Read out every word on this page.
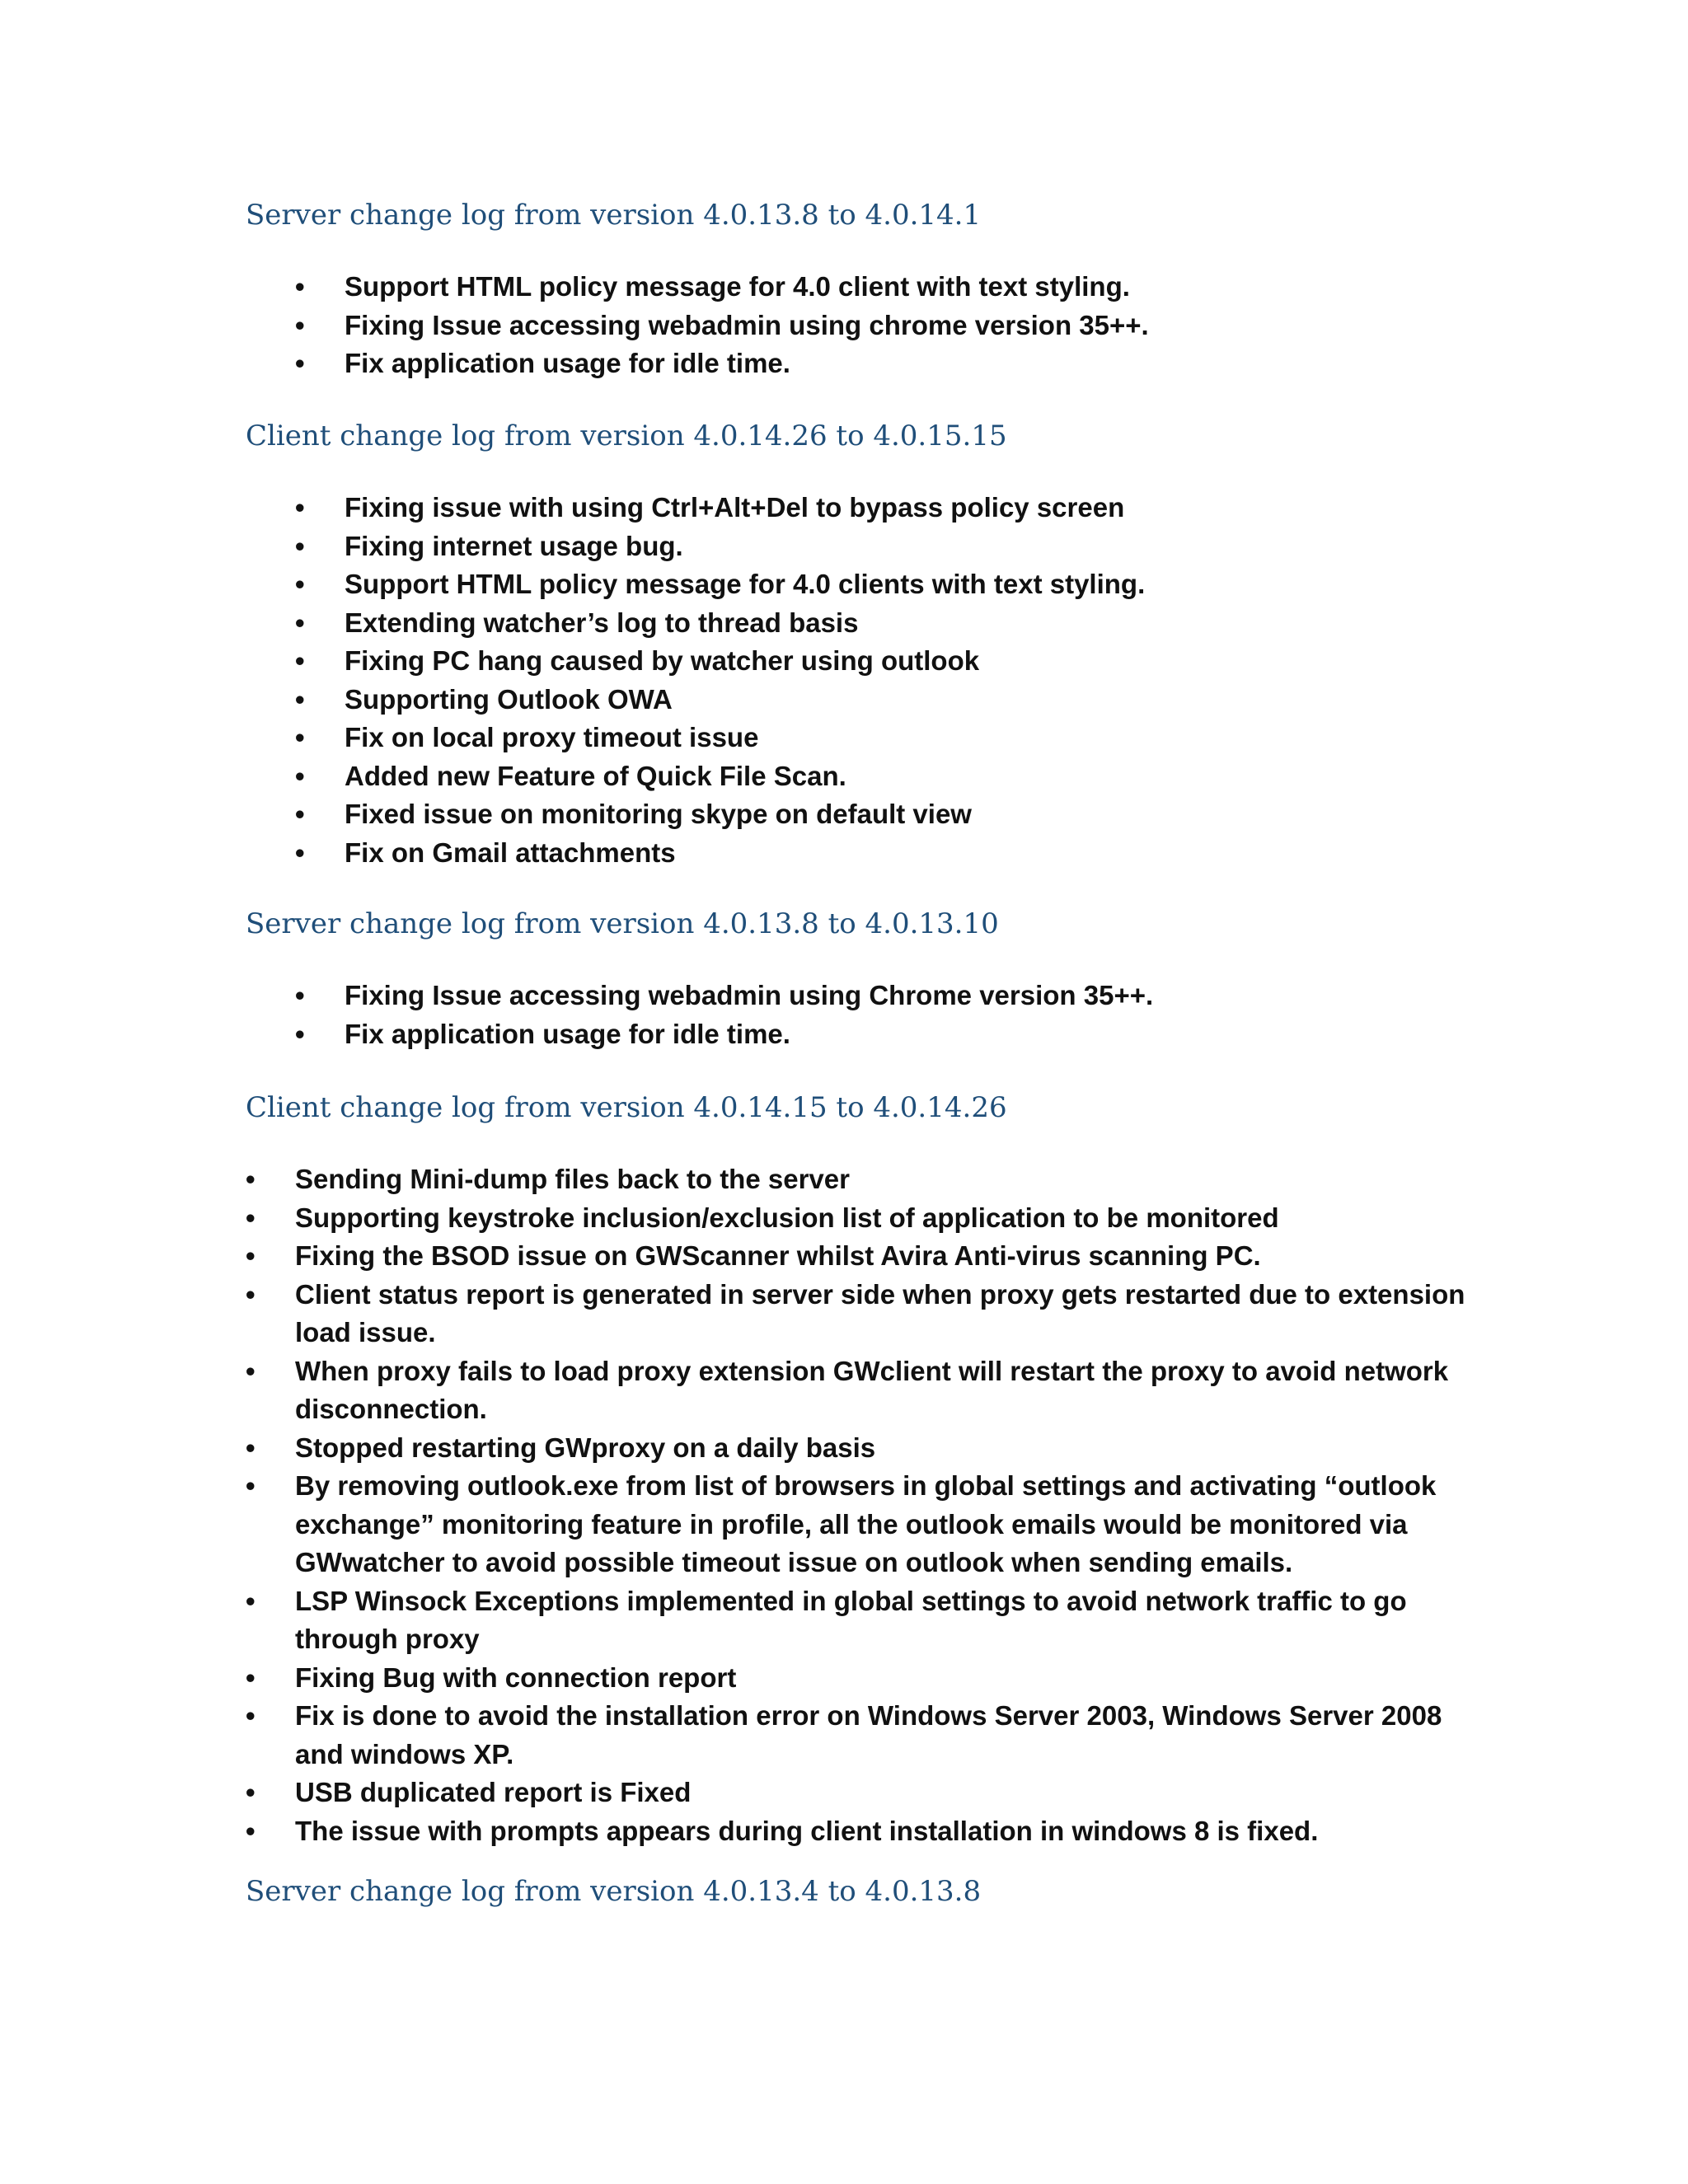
Server change log from version 4.0.13.8 to 4.0.14.1
• Support HTML policy message for 4.0 client with text styling.
• Fixing Issue accessing webadmin using chrome version 35++.
• Fix application usage for idle time.
Client change log from version 4.0.14.26 to 4.0.15.15
• Fixing issue with using Ctrl+Alt+Del to bypass policy screen
• Fixing internet usage bug.
• Support HTML policy message for 4.0 clients with text styling.
• Extending watcher’s log to thread basis
• Fixing PC hang caused by watcher using outlook
• Supporting Outlook OWA
• Fix on local proxy timeout issue
• Added new Feature of Quick File Scan.
• Fixed issue on monitoring skype on default view
• Fix on Gmail attachments
Server change log from version 4.0.13.8 to 4.0.13.10
• Fixing Issue accessing webadmin using Chrome version 35++.
• Fix application usage for idle time.
Client change log from version 4.0.14.15 to 4.0.14.26
• Sending Mini-dump files back to the server
• Supporting keystroke inclusion/exclusion list of application to be monitored
• Fixing the BSOD issue on GWScanner whilst Avira Anti-virus scanning PC.
• Client status report is generated in server side when proxy gets restarted due to extension load issue.
• When proxy fails to load proxy extension GWclient will restart the proxy to avoid network disconnection.
• Stopped restarting GWproxy on a daily basis
• By removing outlook.exe from list of browsers in global settings and activating “outlook exchange” monitoring feature in profile, all the outlook emails would be monitored via GWwatcher to avoid possible timeout issue on outlook when sending emails.
• LSP Winsock Exceptions implemented in global settings to avoid network traffic to go through proxy
• Fixing Bug with connection report
• Fix is done to avoid the installation error on Windows Server 2003, Windows Server 2008 and windows XP.
• USB duplicated report is Fixed
• The issue with prompts appears during client installation in windows 8 is fixed.
Server change log from version 4.0.13.4 to 4.0.13.8
